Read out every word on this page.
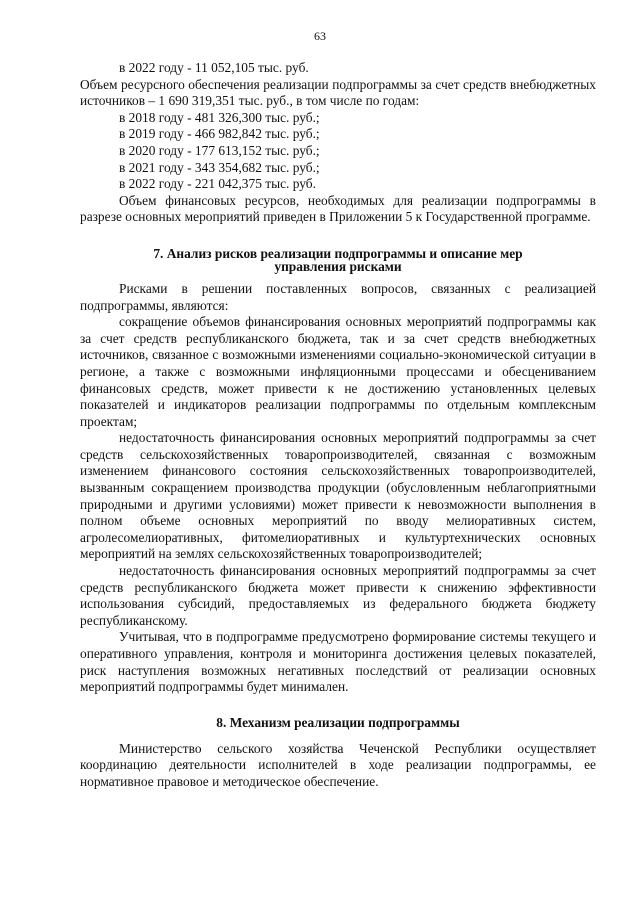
63

в 2022 году - 11 052,105 тыс. руб.

Объем ресурсного обеспечения реализации подпрограммы за счет средств внебюджетных источников – 1 690 319,351 тыс. руб., в том числе по годам:

в 2018 году - 481 326,300 тыс. руб.;

в 2019 году - 466 982,842 тыс. руб.;

в 2020 году - 177 613,152 тыс. руб.;

в 2021 году - 343 354,682 тыс. руб.;

в 2022 году - 221 042,375 тыс. руб.

Объем финансовых ресурсов, необходимых для реализации подпрограммы в разрезе основных мероприятий приведен в Приложении 5 к Государственной программе.

7. Анализ рисков реализации подпрограммы и описание мер

управления рисками

Рисками в решении поставленных вопросов, связанных с реализацией подпрограммы, являются:

сокращение объемов финансирования основных мероприятий подпрограммы как за счет средств республиканского бюджета, так и за счет средств внебюджетных источников, связанное с возможными изменениями социально-экономической ситуации в регионе, а также с возможными инфляционными процессами и обесцениванием финансовых средств, может привести к не достижению установленных целевых показателей и индикаторов реализации подпрограммы по отдельным комплексным проектам;

недостаточность финансирования основных мероприятий подпрограммы за счет средств сельскохозяйственных товаропроизводителей, связанная с возможным изменением финансового состояния сельскохозяйственных товаропроизводителей, вызванным сокращением производства продукции (обусловленным неблагоприятными природными и другими условиями) может привести к невозможности выполнения в полном объеме основных мероприятий по вводу мелиоративных систем, агролесомелиоративных, фитомелиоративных и культуртехнических основных мероприятий на землях сельскохозяйственных товаропроизводителей;

недостаточность финансирования основных мероприятий подпрограммы за счет средств республиканского бюджета может привести к снижению эффективности использования субсидий, предоставляемых из федерального бюджета бюджету республиканскому.

Учитывая, что в подпрограмме предусмотрено формирование системы текущего и оперативного управления, контроля и мониторинга достижения целевых показателей, риск наступления возможных негативных последствий от реализации основных мероприятий подпрограммы будет минимален.

8. Механизм реализации подпрограммы

Министерство сельского хозяйства Чеченской Республики осуществляет координацию деятельности исполнителей в ходе реализации подпрограммы, ее нормативное правовое и методическое обеспечение.
